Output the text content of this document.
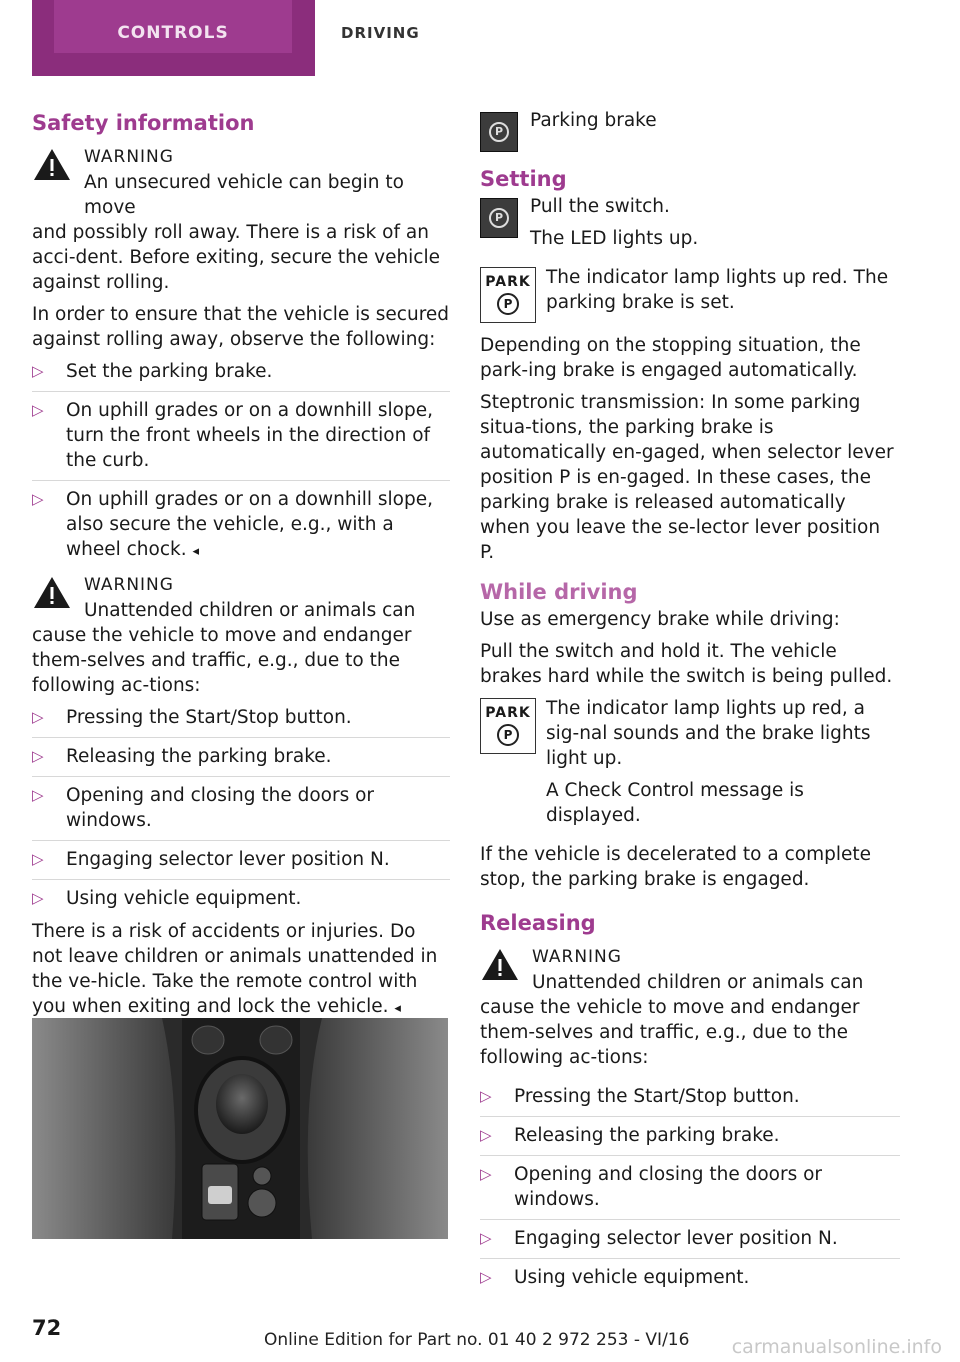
CONTROLS	DRIVING
Safety information
WARNING
An unsecured vehicle can begin to move
and possibly roll away. There is a risk of an acci-dent. Before exiting, secure the vehicle against rolling.

In order to ensure that the vehicle is secured against rolling away, observe the following:

▷ Set the parking brake.
▷ On uphill grades or on a downhill slope, turn the front wheels in the direction of the curb.
▷ On uphill grades or on a downhill slope, also secure the vehicle, e.g., with a wheel chock. ◂
WARNING
Unattended children or animals can
cause the vehicle to move and endanger them-selves and traffic, e.g., due to the following ac-tions:
▷ Pressing the Start/Stop button.
▷ Releasing the parking brake.
▷ Opening and closing the doors or windows.
▷ Engaging selector lever position N.
▷ Using vehicle equipment.

There is a risk of accidents or injuries. Do not leave children or animals unattended in the ve-hicle. Take the remote control with you when exiting and lock the vehicle. ◂

P
Parking brake
Setting
P
Pull the switch.
The LED lights up.
PARK
P
The indicator lamp lights up red. The parking brake is set.

Depending on the stopping situation, the park-ing brake is engaged automatically.

Steptronic transmission: In some parking situa-tions, the parking brake is automatically en-gaged, when selector lever position P is en-gaged. In these cases, the parking brake is released automatically when you leave the se-lector lever position P.

While driving

Use as emergency brake while driving:

Pull the switch and hold it. The vehicle brakes hard while the switch is being pulled.

PARK
P
The indicator lamp lights up red, a sig-nal sounds and the brake lights light up.
A Check Control message is displayed.

If the vehicle is decelerated to a complete stop, the parking brake is engaged.

Releasing
WARNING
Unattended children or animals can
cause the vehicle to move and endanger them-selves and traffic, e.g., due to the following ac-tions:
▷ Pressing the Start/Stop button.
▷ Releasing the parking brake.
▷ Opening and closing the doors or windows.
▷ Engaging selector lever position N.
▷ Using vehicle equipment.
72	Online Edition for Part no. 01 40 2 972 253 - VI/16 carmanualsonline.info
